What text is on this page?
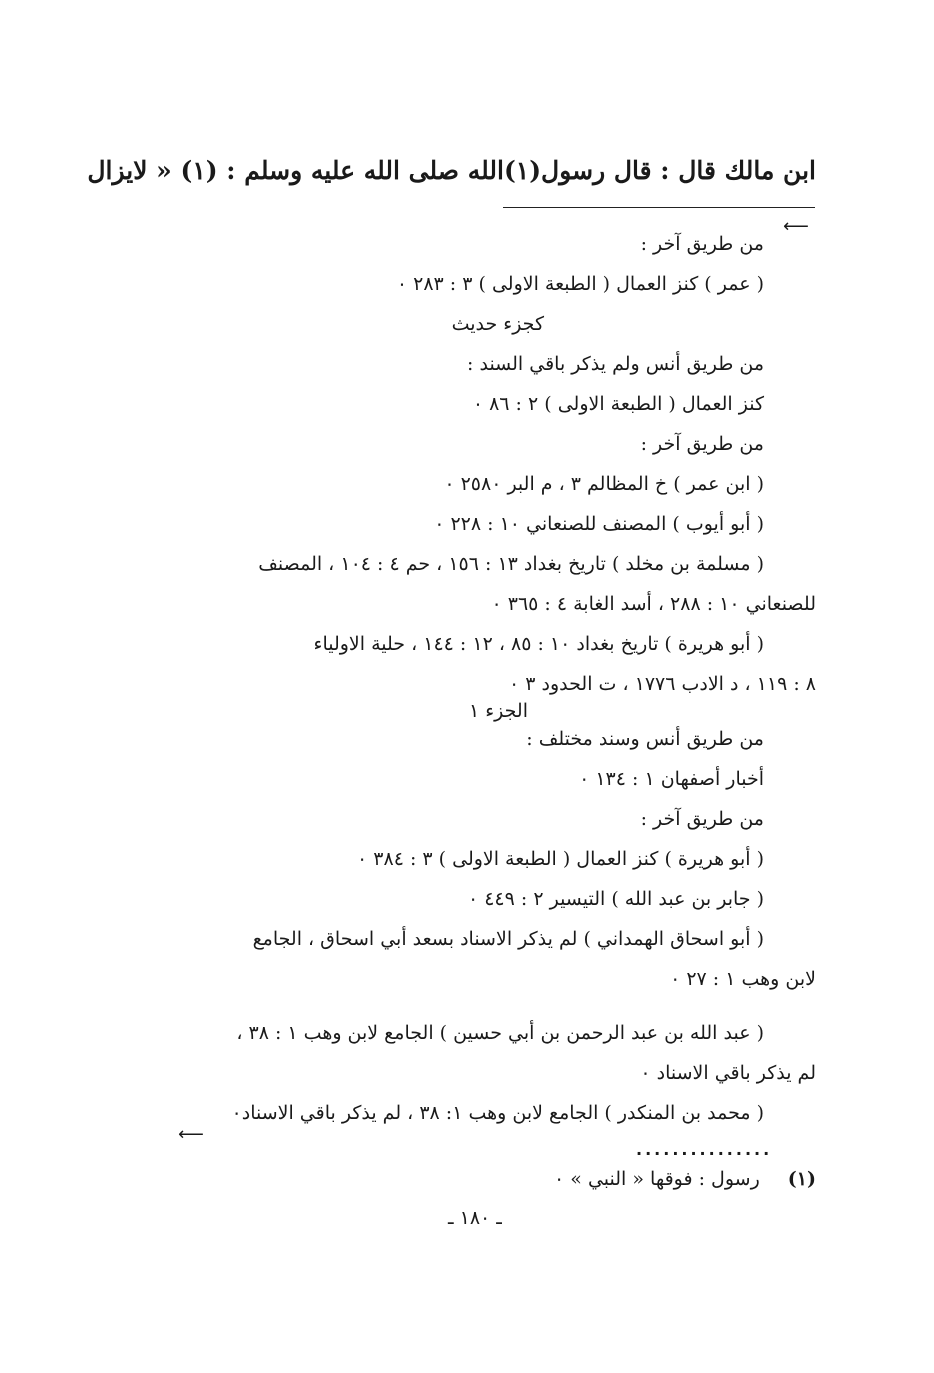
ابن مالك قال : قال رسول(١)الله صلى الله عليه وسلم : (١) « لايزال
⟵
من طريق آخر :
( عمر ) كنز العمال ( الطبعة الاولى ) ٣ : ٢٨٣ ٠
كجزء حديث
من طريق أنس ولم يذكر باقي السند :
كنز العمال ( الطبعة الاولى ) ٢ : ٨٦ ٠
من طريق آخر :
( ابن عمر ) خ المظالم ٣ ، م البر ٢٥٨٠ ٠
( أبو أيوب ) المصنف للصنعاني ١٠ : ٢٢٨ ٠
( مسلمة بن مخلد ) تاريخ بغداد ١٣ : ١٥٦ ، حم ٤ : ١٠٤ ، المصنف
للصنعاني ١٠ : ٢٨٨ ، أسد الغابة ٤ : ٣٦٥ ٠
( أبو هريرة ) تاريخ بغداد ١٠ : ٨٥ ، ١٢ : ١٤٤ ، حلية الاولياء
٨ : ١١٩ ، د الادب ١٧٧٦ ، ت الحدود ٣ ٠
الجزء ١
من طريق أنس وسند مختلف :
أخبار أصفهان ١ : ١٣٤ ٠
من طريق آخر :
( أبو هريرة ) كنز العمال ( الطبعة الاولى ) ٣ : ٣٨٤ ٠
( جابر بن عبد الله ) التيسير ٢ : ٤٤٩ ٠
( أبو اسحاق الهمداني ) لم يذكر الاسناد بسعد أبي اسحاق ، الجامع
لابن وهب ١ : ٢٧ ٠
( عبد الله بن عبد الرحمن بن أبي حسين ) الجامع لابن وهب ١ : ٣٨ ،
لم يذكر باقي الاسناد ٠
( محمد بن المنكدر ) الجامع لابن وهب ١: ٣٨ ، لم يذكر باقي الاسناد٠
⟵
...............
(١)رسول : فوقها « النبي » ٠
ـ ١٨٠ ـ
